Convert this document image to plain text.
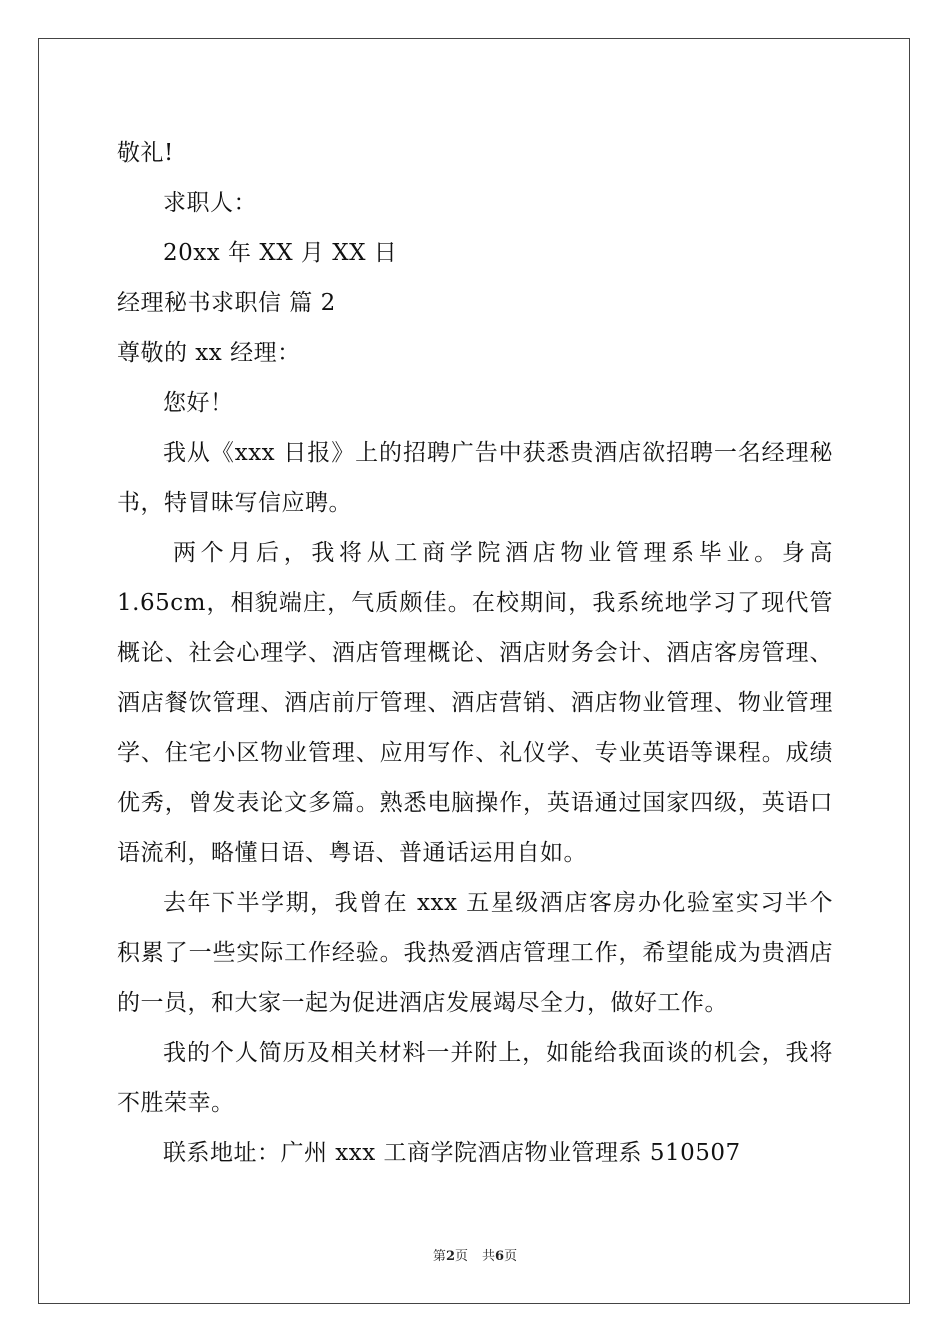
敬礼!
求职人：
20xx 年 XX 月 XX 日
经理秘书求职信 篇 2
尊敬的 xx 经理：
您好！
我从《xxx 日报》上的招聘广告中获悉贵酒店欲招聘一名经理秘
书，特冒昧写信应聘。
两个月后，我将从工商学院酒店物业管理系毕业。身高
1.65cm，相貌端庄，气质颇佳。在校期间，我系统地学习了现代管
概论、社会心理学、酒店管理概论、酒店财务会计、酒店客房管理、
酒店餐饮管理、酒店前厅管理、酒店营销、酒店物业管理、物业管理
学、住宅小区物业管理、应用写作、礼仪学、专业英语等课程。成绩
优秀，曾发表论文多篇。熟悉电脑操作，英语通过国家四级，英语口
语流利，略懂日语、粤语、普通话运用自如。
去年下半学期，我曾在 xxx 五星级酒店客房办化验室实习半个
积累了一些实际工作经验。我热爱酒店管理工作，希望能成为贵酒店
的一员，和大家一起为促进酒店发展竭尽全力，做好工作。
我的个人简历及相关材料一并附上，如能给我面谈的机会，我将
不胜荣幸。
联系地址：广州 xxx 工商学院酒店物业管理系 510507
第2页 共6页
